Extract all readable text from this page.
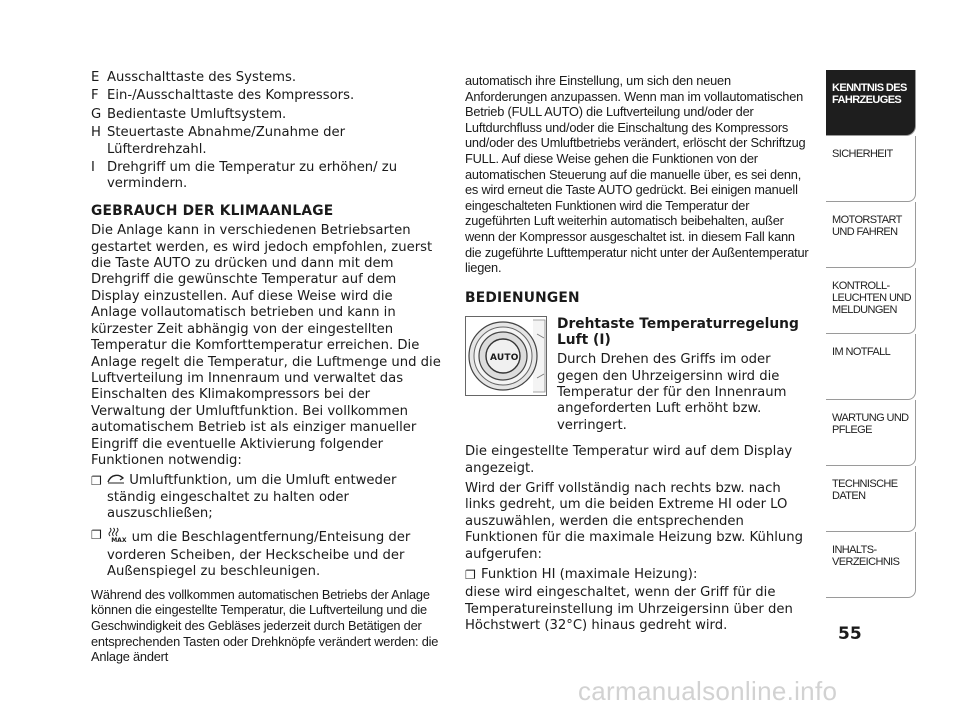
E Ausschalttaste des Systems.
F Ein-/Ausschalttaste des Kompressors.
G Bedientaste Umluftsystem.
H Steuertaste Abnahme/Zunahme der Lüfterdrehzahl.
I Drehgriff um die Temperatur zu erhöhen/ zu vermindern.
GEBRAUCH DER KLIMAANLAGE

Die Anlage kann in verschiedenen Betriebsarten gestartet werden, es wird jedoch empfohlen, zuerst die Taste AUTO zu drücken und dann mit dem Drehgriff die gewünschte Temperatur auf dem Display einzustellen. Auf diese Weise wird die Anlage vollautomatisch betrieben und kann in kürzester Zeit abhängig von der eingestellten Temperatur die Komforttemperatur erreichen. Die Anlage regelt die Temperatur, die Luftmenge und die Luftverteilung im Innenraum und verwaltet das Einschalten des Klimakompressors bei der Verwaltung der Umluftfunktion. Bei vollkommen automatischem Betrieb ist als einziger manueller Eingriff die eventuelle Aktivierung folgender Funktionen notwendig:

❐	Umluftfunktion, um die Umluft entweder ständig eingeschaltet zu halten oder auszuschließen;
❐	MAX um die Beschlagentfernung/Enteisung der vorderen Scheiben, der Heckscheibe und der Außenspiegel zu beschleunigen.

Während des vollkommen automatischen Betriebs der Anlage können die eingestellte Temperatur, die Luftverteilung und die Geschwindigkeit des Gebläses jederzeit durch Betätigen der entsprechenden Tasten oder Drehknöpfe verändert werden: die Anlage ändert

automatisch ihre Einstellung, um sich den neuen Anforderungen anzupassen. Wenn man im vollautomatischen Betrieb (FULL AUTO) die Luftverteilung und/oder der Luftdurchfluss und/oder die Einschaltung des Kompressors und/oder des Umluftbetriebs verändert, erlöscht der Schriftzug FULL. Auf diese Weise gehen die Funktionen von der automatischen Steuerung auf die manuelle über, es sei denn, es wird erneut die Taste AUTO gedrückt. Bei einigen manuell eingeschalteten Funktionen wird die Temperatur der zugeführten Luft weiterhin automatisch beibehalten, außer wenn der Kompressor ausgeschaltet ist. in diesem Fall kann die zugeführte Lufttemperatur nicht unter der Außentemperatur liegen.

BEDIENUNGEN
AUTO
Drehtaste Temperaturregelung Luft (I)

Durch Drehen des Griffs im oder gegen den Uhrzeigersinn wird die Temperatur der für den Innenraum angeforderten Luft erhöht bzw. verringert.

Die eingestellte Temperatur wird auf dem Display angezeigt.

Wird der Griff vollständig nach rechts bzw. nach links gedreht, um die beiden Extreme HI oder LO auszuwählen, werden die entsprechenden Funktionen für die maximale Heizung bzw. Kühlung aufgerufen:

❐ Funktion HI (maximale Heizung):

diese wird eingeschaltet, wenn der Griff für die Temperatureinstellung im Uhrzeigersinn über den Höchstwert (32°C) hinaus gedreht wird.

KENNTNIS DES FAHRZEUGES
SICHERHEIT
MOTORSTART UND FAHREN
KONTROLL- LEUCHTEN UND MELDUNGEN
IM NOTFALL
WARTUNG UND PFLEGE
TECHNISCHE DATEN
INHALTS- VERZEICHNIS
55
carmanualsonline.info
